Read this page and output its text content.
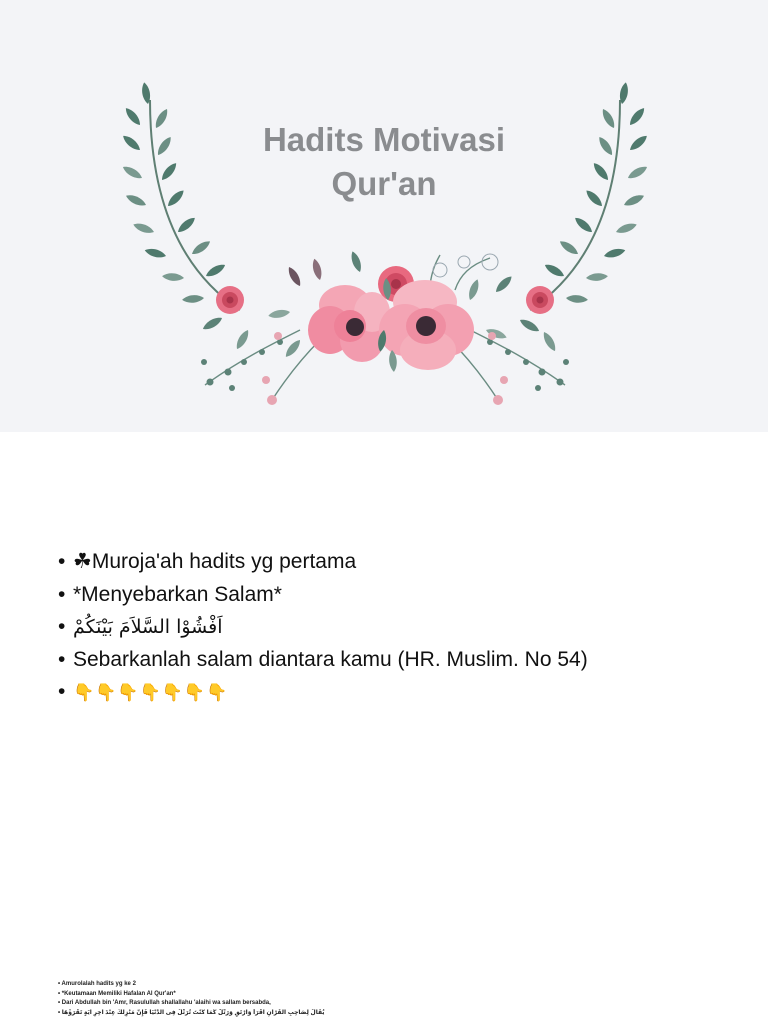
Hadits Motivasi
Qur'an
• ☘Muroja'ah hadits yg pertama
• *Menyebarkan Salam*
• اَفْشُوْا السَّلاَمَ بَيْنَكُمْ
• Sebarkanlah salam diantara kamu (HR. Muslim. No 54)
• 👇👇👇👇👇👇👇
• Amurolalah hadits yg ke 2
• *Keutamaan Memiliki Hafalan Al Qur'an*
• Dari Abdullah bin 'Amr, Rasulullah shallallahu 'alaihi wa sallam bersabda,
• يُقَالُ لِصَاحِبِ الْقُرْآنِ اقْرَأْ وَارْتَقِ وَرَتِّلْ كَمَا كُنْتَ تُرَتِّلُ فِى الدُّنْيَا فَإِنَّ مَنْزِلَكَ عِنْدَ آخِرِ آيَةٍ تَقْرَؤُهَا
